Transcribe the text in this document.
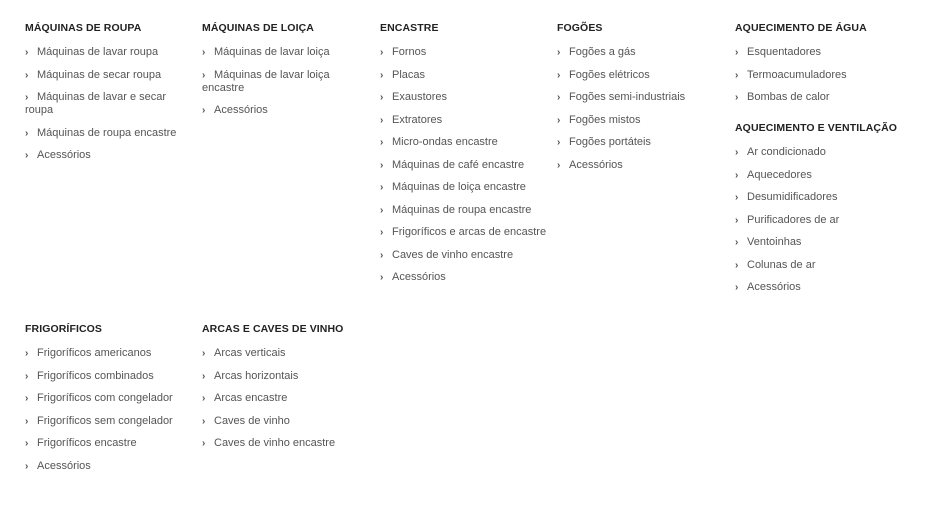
MÁQUINAS DE ROUPA
› Máquinas de lavar roupa
› Máquinas de secar roupa
› Máquinas de lavar e secar roupa
› Máquinas de roupa encastre
› Acessórios
MÁQUINAS DE LOIÇA
› Máquinas de lavar loiça
› Máquinas de lavar loiça encastre
› Acessórios
ENCASTRE
› Fornos
› Placas
› Exaustores
› Extratores
› Micro-ondas encastre
› Máquinas de café encastre
› Máquinas de loiça encastre
› Máquinas de roupa encastre
› Frigoríficos e arcas de encastre
› Caves de vinho encastre
› Acessórios
FOGÕES
› Fogões a gás
› Fogões elétricos
› Fogões semi-industriais
› Fogões mistos
› Fogões portáteis
› Acessórios
AQUECIMENTO DE ÁGUA
› Esquentadores
› Termoacumuladores
› Bombas de calor
AQUECIMENTO E VENTILAÇÃO
› Ar condicionado
› Aquecedores
› Desumidificadores
› Purificadores de ar
› Ventoinhas
› Colunas de ar
› Acessórios
FRIGORÍFICOS
› Frigoríficos americanos
› Frigoríficos combinados
› Frigoríficos com congelador
› Frigoríficos sem congelador
› Frigoríficos encastre
› Acessórios
ARCAS E CAVES DE VINHO
› Arcas verticais
› Arcas horizontais
› Arcas encastre
› Caves de vinho
› Caves de vinho encastre
